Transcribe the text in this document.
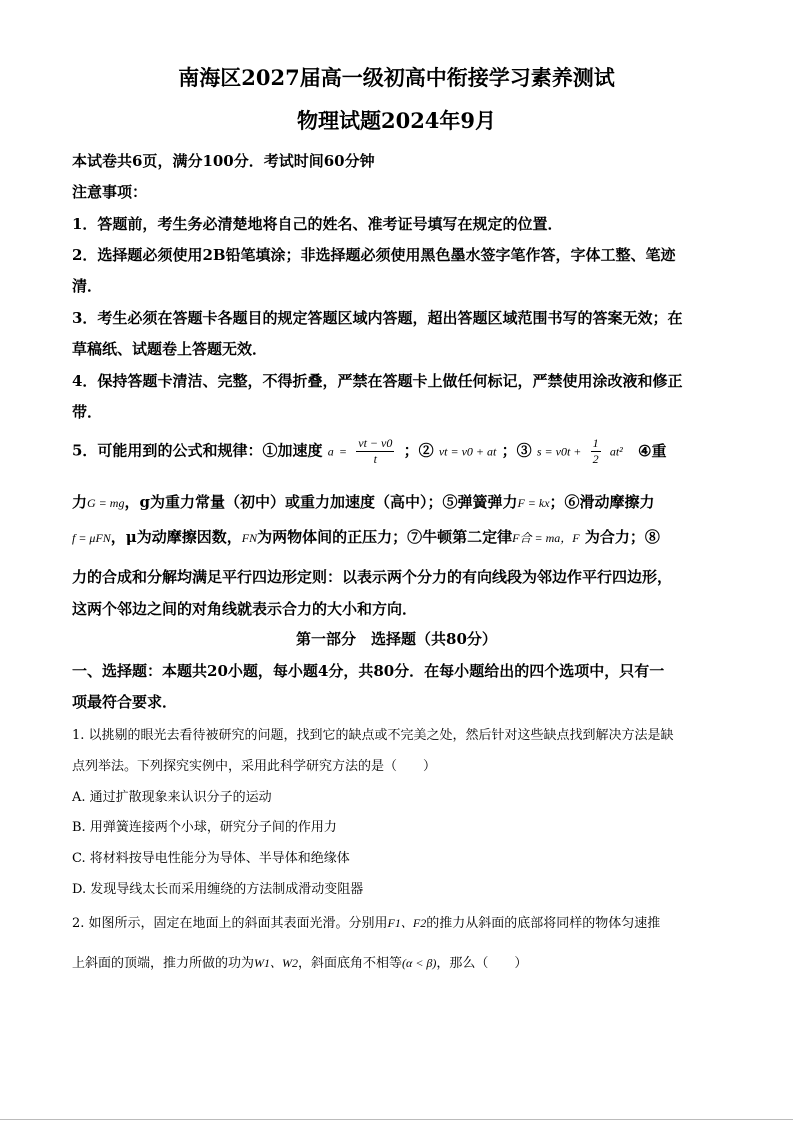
南海区2027届高一级初高中衔接学习素养测试
物理试题2024年9月
本试卷共6页，满分100分．考试时间60分钟
注意事项：
1．答题前，考生务必清楚地将自己的姓名、准考证号填写在规定的位置．
2．选择题必须使用2B铅笔填涂；非选择题必须使用黑色墨水签字笔作答，字体工整、笔迹
清．
3．考生必须在答题卡各题目的规定答题区域内答题，超出答题区域范围书写的答案无效；在
草稿纸、试题卷上答题无效．
4．保持答题卡清洁、完整，不得折叠，严禁在答题卡上做任何标记，严禁使用涂改液和修正
带．
5．可能用到的公式和规律：①加速度 $a = \frac{vt - v0}{t}$ ；② vt = v0 + at ；③ $s = v0t + \frac{1}{2} at^2$ ④重
力G = mg，g为重力常量（初中）或重力加速度（高中）；⑤弹簧弹力F = kx；⑥滑动摩擦力
f = μFN，μ为动摩擦因数，FN为两物体间的正压力；⑦牛顿第二定律F合 = ma，F 为合力；⑧
力的合成和分解均满足平行四边形定则：以表示两个分力的有向线段为邻边作平行四边形，
这两个邻边之间的对角线就表示合力的大小和方向．
第一部分　选择题（共80分）
一、选择题：本题共20小题，每小题4分，共80分．在每小题给出的四个选项中，只有一
项最符合要求．
1. 以挑剔的眼光去看待被研究的问题，找到它的缺点或不完美之处，然后针对这些缺点找到解决方法是缺
点列举法。下列探究实例中，采用此科学研究方法的是（　　）
A. 通过扩散现象来认识分子的运动
B. 用弹簧连接两个小球，研究分子间的作用力
C. 将材料按导电性能分为导体、半导体和绝缘体
D. 发现导线太长而采用缠绕的方法制成滑动变阻器
2. 如图所示，固定在地面上的斜面其表面光滑。分别用F1、F2的推力从斜面的底部将同样的物体匀速推
上斜面的顶端，推力所做的功为W1、W2，斜面底角不相等(α < β)，那么（　　）
